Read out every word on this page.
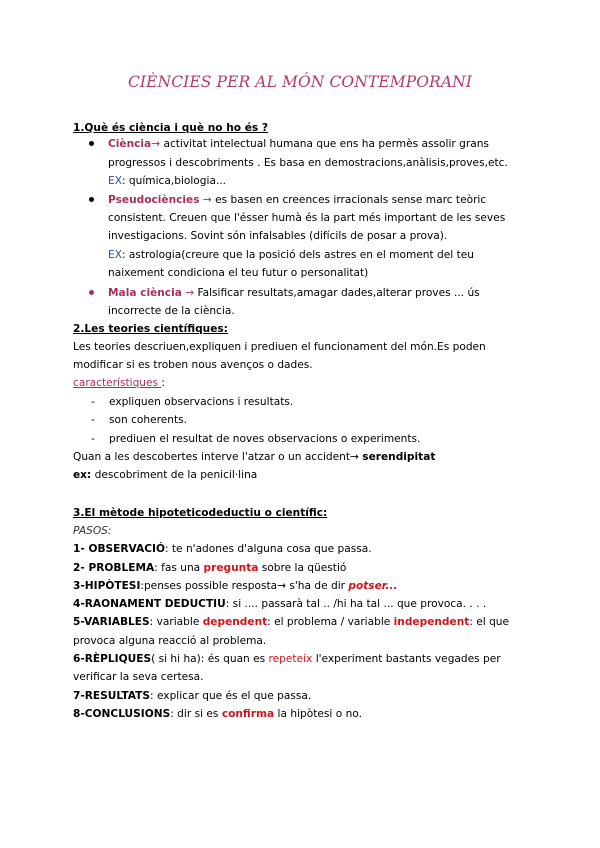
CIÈNCIES PER AL MÓN CONTEMPORANI
1.Què és ciència i què no ho és ?
Ciència→ activitat intelectual humana que ens ha permès assolir grans
progressos i descobriments . Es basa en demostracions,anàlisis,proves,etc.
EX: química,biologia...
Pseudociències → es basen en creences irracionals sense marc teòric
consistent. Creuen que l'ésser humà és la part més important de les seves
investigacions. Sovint són infalsables (difícils de posar a prova).
EX: astrologia(creure que la posició dels astres en el moment del teu
naixement condiciona el teu futur o personalitat)
Mala ciència → Falsificar resultats,amagar dades,alterar proves ... ús
incorrecte de la ciència.
2.Les teories científiques:
Les teories descriuen,expliquen i prediuen el funcionament del món.Es poden
modificar si es troben nous avenços o dades.
característiques :
- expliquen observacions i resultats.
- son coherents.
- prediuen el resultat de noves observacions o experiments.
Quan a les descobertes interve l'atzar o un accident→ serendipitat
ex: descobriment de la penicil·lina
3.El mètode hipoteticodeductiu o científic:
PASOS:
1- OBSERVACIÓ: te n'adones d'alguna cosa que passa.
2- PROBLEMA: fas una pregunta sobre la qüestió
3-HIPÒTESI:penses possible resposta→ s'ha de dir potser...
4-RAONAMENT DEDUCTIU: si .... passarà tal .. /hi ha tal ... que provoca. . . .
5-VARIABLES: variable dependent: el problema / variable independent: el que
provoca alguna reacció al problema.
6-RÈPLIQUES( si hi ha): és quan es repeteix l'experiment bastants vegades per
verificar la seva certesa.
7-RESULTATS: explicar que és el que passa.
8-CONCLUSIONS: dir si es confirma la hipòtesi o no.
